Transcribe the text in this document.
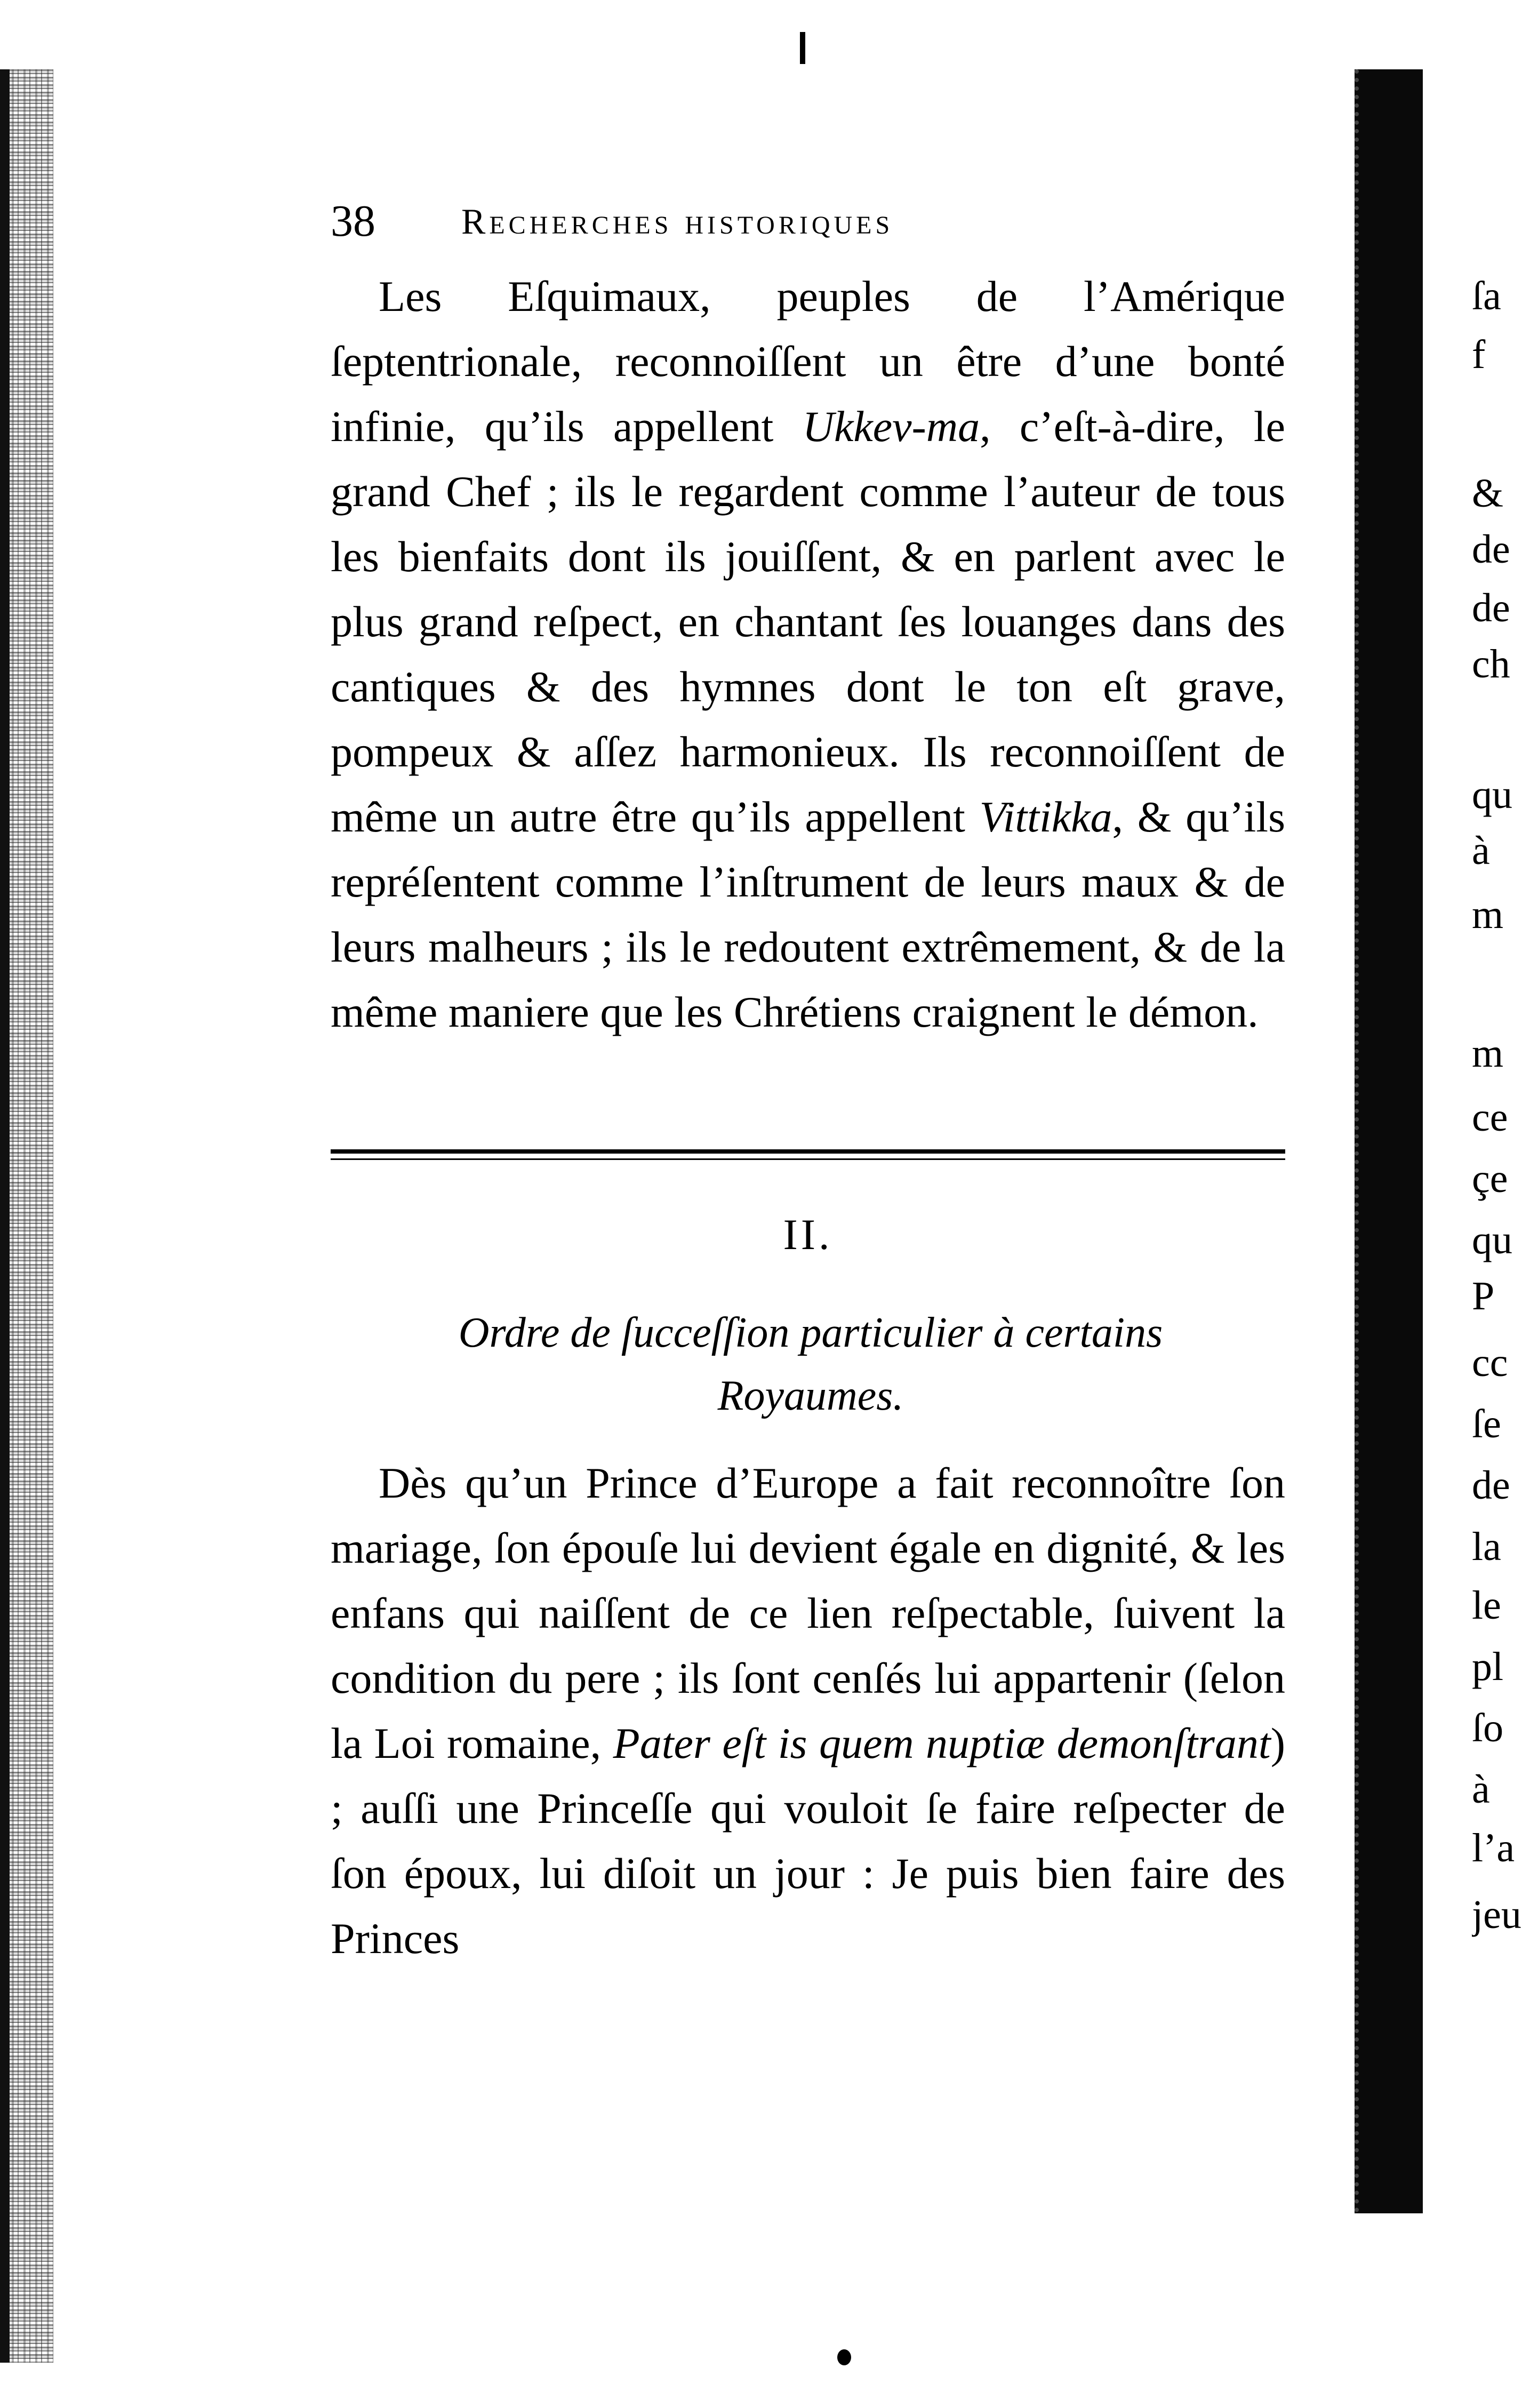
38 Recherches historiques
Les Eſquimaux, peuples de l’Amérique ſeptentrionale, reconnoiſſent un être d’une bonté infinie, qu’ils appellent Ukkev-ma, c’eſt-à-dire, le grand Chef ; ils le regardent comme l’auteur de tous les bienfaits dont ils jouiſſent, & en parlent avec le plus grand reſpect, en chantant ſes louanges dans des cantiques & des hymnes dont le ton eſt grave, pompeux & aſſez harmonieux. Ils reconnoiſſent de même un autre être qu’ils appellent Vittikka, & qu’ils repréſentent comme l’inſtrument de leurs maux & de leurs malheurs ; ils le redoutent extrêmement, & de la même maniere que les Chrétiens craignent le démon.
II.
Ordre de ſucceſſion particulier à certains
Royaumes.
Dès qu’un Prince d’Europe a fait reconnoître ſon mariage, ſon épouſe lui devient égale en dignité, & les enfans qui naiſſent de ce lien reſpectable, ſuivent la condition du pere ; ils ſont cenſés lui appartenir (ſelon la Loi romaine, Pater eſt is quem nuptiæ demonſtrant) ; auſſi une Princeſſe qui vouloit ſe faire reſpecter de ſon époux, lui diſoit un jour : Je puis bien faire des Princes
ſa
f
&
de
de
ch
qu
à
m
m
ce
çe
qu
P
cc
ſe
de
la
le
pl
ſo
à
l’a
jeu
